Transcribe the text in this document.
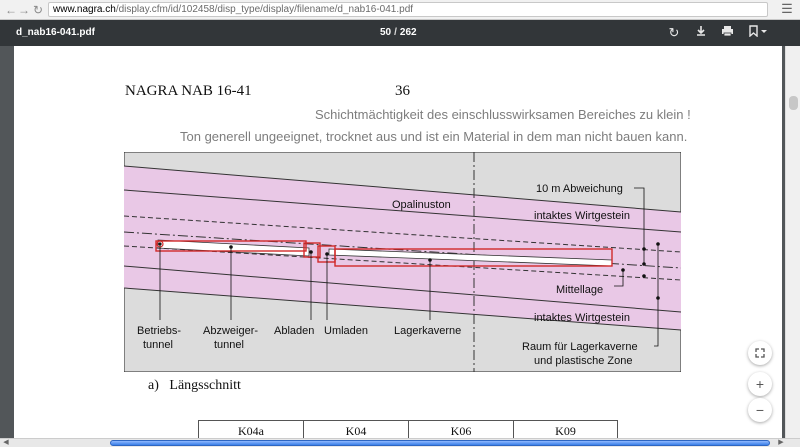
← → ↻ www.nagra.ch/display.cfm/id/102458/disp_type/display/filename/d_nab16-041.pdf	☰
d_nab16-041.pdf	50 / 262	↻
NAGRA NAB 16-41	36
Schichtmächtigkeit des einschlusswirksamen Bereiches zu klein !
Ton generell ungeeignet, trocknet aus und ist ein Material in dem man nicht bauen kann.
Opalinuston
10 m Abweichung
intaktes Wirtgestein
Mittellage
intaktes Wirtgestein
Betriebs-
tunnel
Abzweiger-
tunnel
Abladen Umladen Lagerkaverne
Raum für Lagerkaverne
und plastische Zone
a) Längsschnitt
K04a	K04	K06	K09
+
−
◀	▶
